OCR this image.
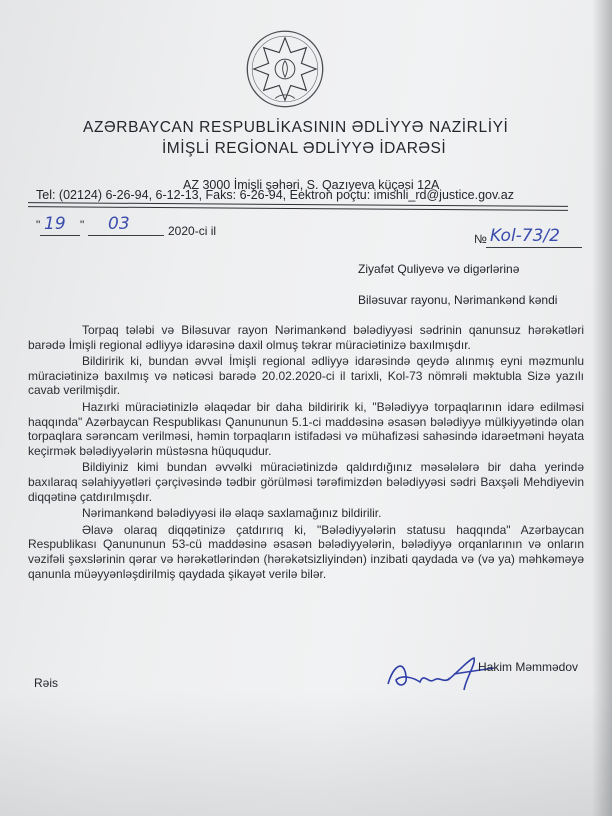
AZƏRBAYCAN RESPUBLİKASININ ƏDLİYYƏ NAZİRLİYİ
İMİŞLİ REGİONAL ƏDLİYYƏ İDARƏSİ
AZ 3000 İmişli şəhəri, S. Qazıyeva küçəsi 12A
Tel: (02124) 6-26-94, 6-12-13, Faks: 6-26-94, Eektron poçtu: imishli_rd@justice.gov.az
" 19 " 03	2020-ci il
№ Kol-73/2
Ziyafət Quliyevə və digərlərinə
Biləsuvar rayonu, Nərimankənd kəndi

Torpaq tələbi və Biləsuvar rayon Nərimankənd bələdiyyəsi sədrinin qanunsuz hərəkətləri barədə İmişli regional ədliyyə idarəsinə daxil olmuş təkrar müraciətinizə baxılmışdır.

Bildiririk ki, bundan əvvəl İmişli regional ədliyyə idarəsində qeydə alınmış eyni məzmunlu müraciətinizə baxılmış və nəticəsi barədə 20.02.2020-ci il tarixli, Kol-73 nömrəli məktubla Sizə yazılı cavab verilmişdir.

Hazırki müraciətinizlə əlaqədar bir daha bildiririk ki, "Bələdiyyə torpaqlarının idarə edilməsi haqqında" Azərbaycan Respublikası Qanununun 5.1-ci maddəsinə əsasən bələdiyyə mülkiyyətində olan torpaqlara sərəncam verilməsi, həmin torpaqların istifadəsi və mühafizəsi sahəsində idarəetməni həyata keçirmək bələdiyyələrin müstəsna hüququdur.

Bildiyiniz kimi bundan əvvəlki müraciətinizdə qaldırdığınız məsələlərə bir daha yerində baxılaraq səlahiyyətləri çərçivəsində tədbir görülməsi tərəfimizdən bələdiyyəsi sədri Baxşəli Mehdiyevin diqqətinə çatdırılmışdır.

Nərimankənd bələdiyyəsi ilə əlaqə saxlamağınız bildirilir.

Əlavə olaraq diqqətinizə çatdırırıq ki, "Bələdiyyələrin statusu haqqında" Azərbaycan Respublikası Qanununun 53-cü maddəsinə əsasən bələdiyyələrin, bələdiyyə orqanlarının və onların vəzifəli şəxslərinin qərar və hərəkətlərindən (hərəkətsizliyindən) inzibati qaydada və (və ya) məhkəməyə qanunla müəyyənləşdirilmiş qaydada şikayət verilə bilər.

Rəis
Hakim Məmmədov
